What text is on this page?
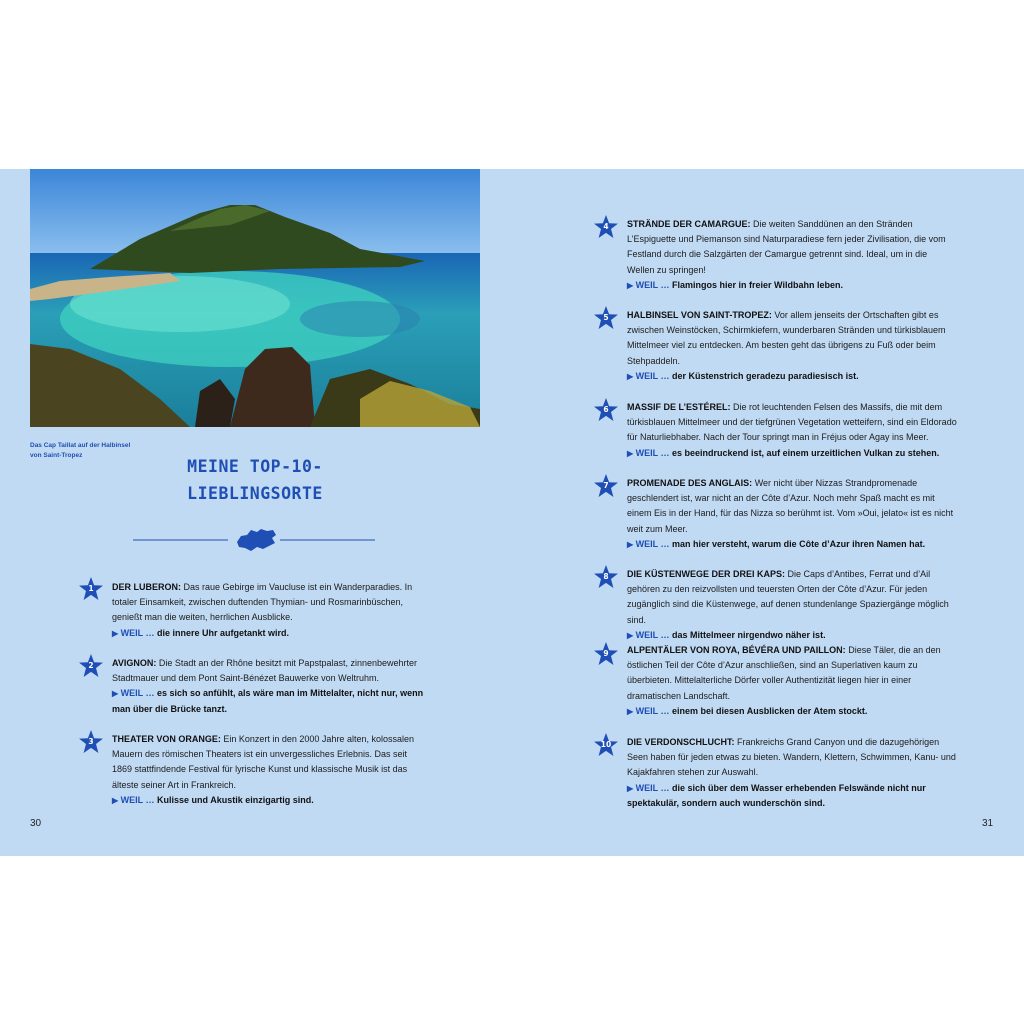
Das Cap Taillat auf der Halbinsel von Saint-Tropez
MEINE TOP-10-
LIEBLINGSORTE
1	DER LUBERON: Das raue Gebirge im Vaucluse ist ein Wanderparadies. In totaler Einsamkeit, zwischen duftenden Thymian- und Rosmarinbüschen, genießt man die weiten, herrlichen Ausblicke.
▶ WEIL … die innere Uhr aufgetankt wird.
2	AVIGNON: Die Stadt an der Rhône besitzt mit Papstpalast, zinnenbewehrter Stadtmauer und dem Pont Saint-Bénézet Bauwerke von Weltruhm.
▶ WEIL … es sich so anfühlt, als wäre man im Mittelalter, nicht nur, wenn man über die Brücke tanzt.
3	THEATER VON ORANGE: Ein Konzert in den 2000 Jahre alten, kolossalen Mauern des römischen Theaters ist ein unvergessliches Erlebnis. Das seit 1869 stattfindende Festival für lyrische Kunst und klassische Musik ist das älteste seiner Art in Frankreich.
▶ WEIL … Kulisse und Akustik einzigartig sind.
4	STRÄNDE DER CAMARGUE: Die weiten Sanddünen an den Stränden L’Espiguette und Piemanson sind Naturparadiese fern jeder Zivilisation, die vom Festland durch die Salzgärten der Camargue getrennt sind. Ideal, um in die Wellen zu springen!
▶ WEIL … Flamingos hier in freier Wildbahn leben.
5	HALBINSEL VON SAINT-TROPEZ: Vor allem jenseits der Ortschaften gibt es zwischen Weinstöcken, Schirmkiefern, wunderbaren Stränden und türkisblauem Mittelmeer viel zu entdecken. Am besten geht das übrigens zu Fuß oder beim Stehpaddeln.
▶ WEIL … der Küstenstrich geradezu paradiesisch ist.
6	MASSIF DE L’ESTÉREL: Die rot leuchtenden Felsen des Massifs, die mit dem türkisblauen Mittelmeer und der tiefgrünen Vegetation wetteifern, sind ein Eldorado für Naturliebhaber. Nach der Tour springt man in Fréjus oder Agay ins Meer.
▶ WEIL … es beeindruckend ist, auf einem urzeitlichen Vulkan zu stehen.
7	PROMENADE DES ANGLAIS: Wer nicht über Nizzas Strandpromenade geschlendert ist, war nicht an der Côte d’Azur. Noch mehr Spaß macht es mit einem Eis in der Hand, für das Nizza so berühmt ist. Vom »Oui, jelato« ist es nicht weit zum Meer.
▶ WEIL … man hier versteht, warum die Côte d’Azur ihren Namen hat.
8	DIE KÜSTENWEGE DER DREI KAPS: Die Caps d’Antibes, Ferrat und d’Ail gehören zu den reizvollsten und teuersten Orten der Côte d’Azur. Für jeden zugänglich sind die Küstenwege, auf denen stundenlange Spaziergänge möglich sind.
▶ WEIL … das Mittelmeer nirgendwo näher ist.
9	ALPENTÄLER VON ROYA, BÉVÉRA UND PAILLON: Diese Täler, die an den östlichen Teil der Côte d’Azur anschließen, sind an Superlativen kaum zu überbieten. Mittelalterliche Dörfer voller Authentizität liegen hier in einer dramatischen Landschaft.
▶ WEIL … einem bei diesen Ausblicken der Atem stockt.
10	DIE VERDONSCHLUCHT: Frankreichs Grand Canyon und die dazugehörigen Seen haben für jeden etwas zu bieten. Wandern, Klettern, Schwimmen, Kanu- und Kajakfahren stehen zur Auswahl.
▶ WEIL … die sich über dem Wasser erhebenden Felswände nicht nur spektakulär, sondern auch wunderschön sind.
30	31
